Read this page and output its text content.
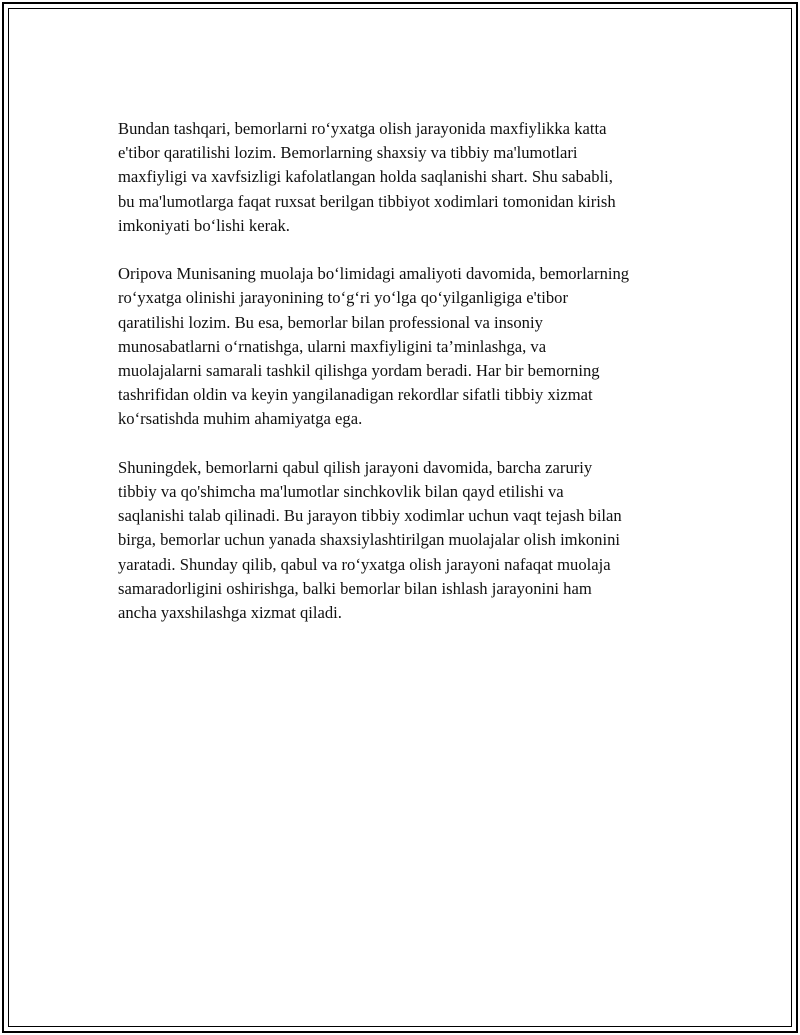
Bundan tashqari, bemorlarni ro‘yxatga olish jarayonida maxfiylikka katta
e'tibor qaratilishi lozim. Bemorlarning shaxsiy va tibbiy ma'lumotlari
maxfiyligi va xavfsizligi kafolatlangan holda saqlanishi shart. Shu sababli,
bu ma'lumotlarga faqat ruxsat berilgan tibbiyot xodimlari tomonidan kirish
imkoniyati bo‘lishi kerak.

Oripova Munisaning muolaja bo‘limidagi amaliyoti davomida, bemorlarning
ro‘yxatga olinishi jarayonining to‘g‘ri yo‘lga qo‘yilganligiga e'tibor
qaratilishi lozim. Bu esa, bemorlar bilan professional va insoniy
munosabatlarni o‘rnatishga, ularni maxfiyligini ta’minlashga, va
muolajalarni samarali tashkil qilishga yordam beradi. Har bir bemorning
tashrifidan oldin va keyin yangilanadigan rekordlar sifatli tibbiy xizmat
ko‘rsatishda muhim ahamiyatga ega.

Shuningdek, bemorlarni qabul qilish jarayoni davomida, barcha zaruriy
tibbiy va qo'shimcha ma'lumotlar sinchkovlik bilan qayd etilishi va
saqlanishi talab qilinadi. Bu jarayon tibbiy xodimlar uchun vaqt tejash bilan
birga, bemorlar uchun yanada shaxsiylashtirilgan muolajalar olish imkonini
yaratadi. Shunday qilib, qabul va ro‘yxatga olish jarayoni nafaqat muolaja
samaradorligini oshirishga, balki bemorlar bilan ishlash jarayonini ham
ancha yaxshilashga xizmat qiladi.
